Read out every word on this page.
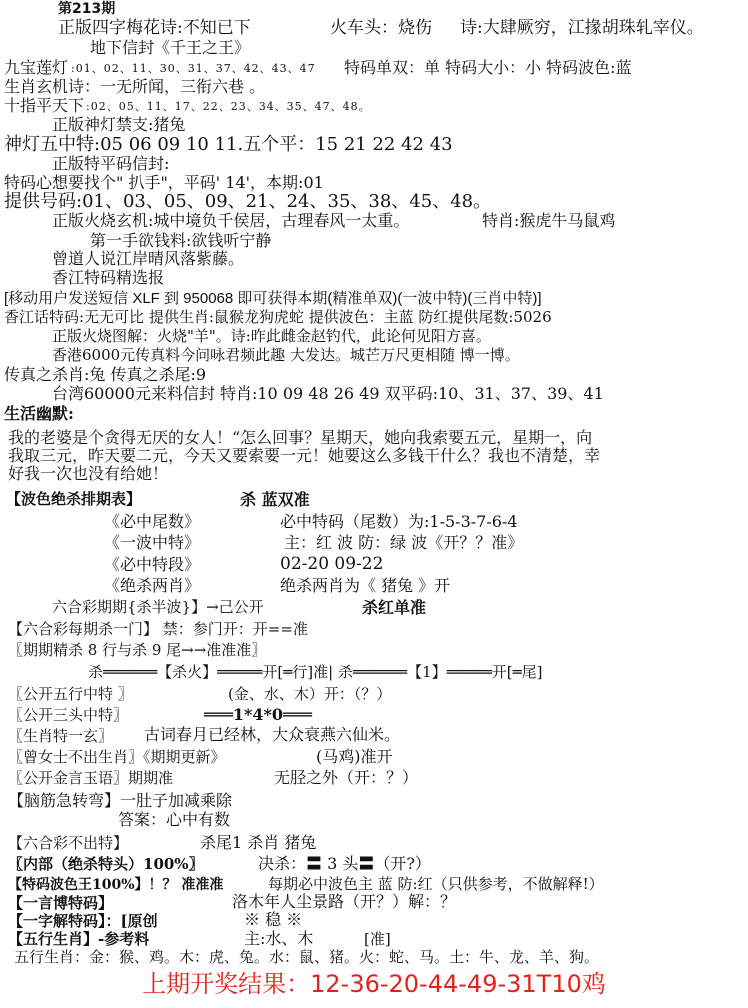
第213期
正版四字梅花诗:不知已下	火车头：烧伤 诗:大肆厥穷，江掾胡珠轧宰仪。
地下信封《千王之王》
九宝莲灯 :01、02、11、30、31、37、42、43、47 特码单双：单 特码大小：小 特码波色:蓝
生肖玄机诗：一无所闻，三衔六巷 。
十指平天下 :02、05、11、17、22、23、34、35、47、48。
正版神灯禁支:猪兔
神灯五中特:05 06 09 10 11.五个平：15 21 22 42 43
正版特平码信封:
特码心想要找个" 扒手"，平码' 14'，本期:01
提供号码:01、03、05、09、21、24、35、38、45、48。
正版火烧玄机:城中境负千侯居，古理春风一太重。	特肖:猴虎牛马鼠鸡
第一手欲钱料:欲钱听宁静
曾道人说江岸晴风落紫藤。
香江特码精选报
[移动用户发送短信 XLF 到 950068 即可获得本期(精准单双)(一波中特)(三肖中特)]
香江话特码:无无可比 提供生肖:鼠猴龙狗虎蛇 提供波色：主蓝 防红提供尾数:5026
正版火烧图解：火烧"羊"。诗:昨此雌金赵钓代，此论何见阳方喜。
香港6000元传真料今问咏君频此趣 大发达。城芒万尺更相随 博一博。
传真之杀肖:兔 传真之杀尾:9
台湾60000元来料信封 特肖:10 09 48 26 49 双平码:10、31、37、39、41
生活幽默:
我的老婆是个贪得无厌的女人！“怎么回事？星期天，她向我索要五元，星期一，向
我取三元，昨天要二元，今天又要索要一元！她要这么多钱干什么？我也不清楚，幸
好我一次也没有给她！
【波色绝杀排期表】	杀 蓝双准
《必中尾数》	必中特码（尾数）为:1-5-3-7-6-4
《一波中特》	主：红 波 防：绿 波《开？？准》
《必中特段》	02-20 09-22
《绝杀两肖》	绝杀两肖为《 猪兔 》开
六合彩期期{杀半波}】→己公开	杀红单准
【六合彩每期杀一门】 禁：参门开：开==准
〖期期精杀 8 行与杀 9 尾→→准准准〗
杀══════【杀火】═════开[═行]准| 杀══════【1】═════开[═尾]
〖公开五行中特 〗	(金、水、木）开：（？）
〖公开三头中特〗	═══1*4*0═══
〖生肖特一玄〗 古词春月已经林，大众衰燕六仙米。
〖曾女士不出生肖〗《期期更新》	(马鸡)准开
〖公开金言玉语〗期期准	无胫之外（开：？）
【脑筋急转弯】一肚子加减乘除
答案：心中有数
【六合彩不出特】	杀尾1 杀肖 猪兔
〖内部（绝杀特头）100%〗	决杀：〓 3 头〓（开?）
【特码波色王100%】！？ 准准准	每期必中波色主 蓝 防:红（只供参考，不做解释!）
【一言博特码】	洛木年人尘景路（开？）解：？
【一字解特码】：[原创	※ 稳 ※
【五行生肖】-参考料	主:水、木	[准]
五行生肖：金：猴、鸡。木：虎、兔。水：鼠、猪。火：蛇、马。土：牛、龙、羊、狗。
上期开奖结果：12-36-20-44-49-31T10鸡
